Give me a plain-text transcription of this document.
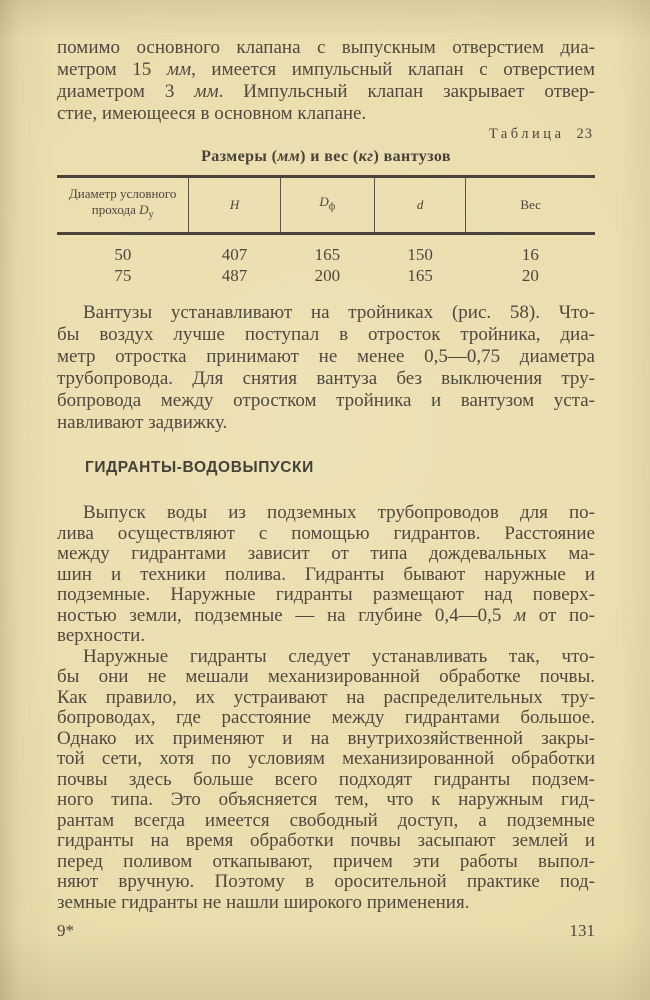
помимо основного клапана с выпускным отверстием диа-
метром 15 мм, имеется импульсный клапан с отверстием
диаметром 3 мм. Импульсный клапан закрывает отвер-
стие, имеющееся в основном клапане.
Таблица 23
Размеры (мм) и вес (кг) вантузов
Диаметр условного прохода $D_у$	H	$D_ф$	d	Вес
50	407	165	150	16
75	487	200	165	20
Вантузы устанавливают на тройниках (рис. 58). Что-
бы воздух лучше поступал в отросток тройника, диа-
метр отростка принимают не менее 0,5—0,75 диаметра
трубопровода. Для снятия вантуза без выключения тру-
бопровода между отростком тройника и вантузом уста-
навливают задвижку.
ГИДРАНТЫ-ВОДОВЫПУСКИ
Выпуск воды из подземных трубопроводов для по-
лива осуществляют с помощью гидрантов. Расстояние
между гидрантами зависит от типа дождевальных ма-
шин и техники полива. Гидранты бывают наружные и
подземные. Наружные гидранты размещают над поверх-
ностью земли, подземные — на глубине 0,4—0,5 м от по-
верхности.
Наружные гидранты следует устанавливать так, что-
бы они не мешали механизированной обработке почвы.
Как правило, их устраивают на распределительных тру-
бопроводах, где расстояние между гидрантами большое.
Однако их применяют и на внутрихозяйственной закры-
той сети, хотя по условиям механизированной обработки
почвы здесь больше всего подходят гидранты подзем-
ного типа. Это объясняется тем, что к наружным гид-
рантам всегда имеется свободный доступ, а подземные
гидранты на время обработки почвы засыпают землей и
перед поливом откапывают, причем эти работы выпол-
няют вручную. Поэтому в оросительной практике под-
земные гидранты не нашли широкого применения.
9*	131
